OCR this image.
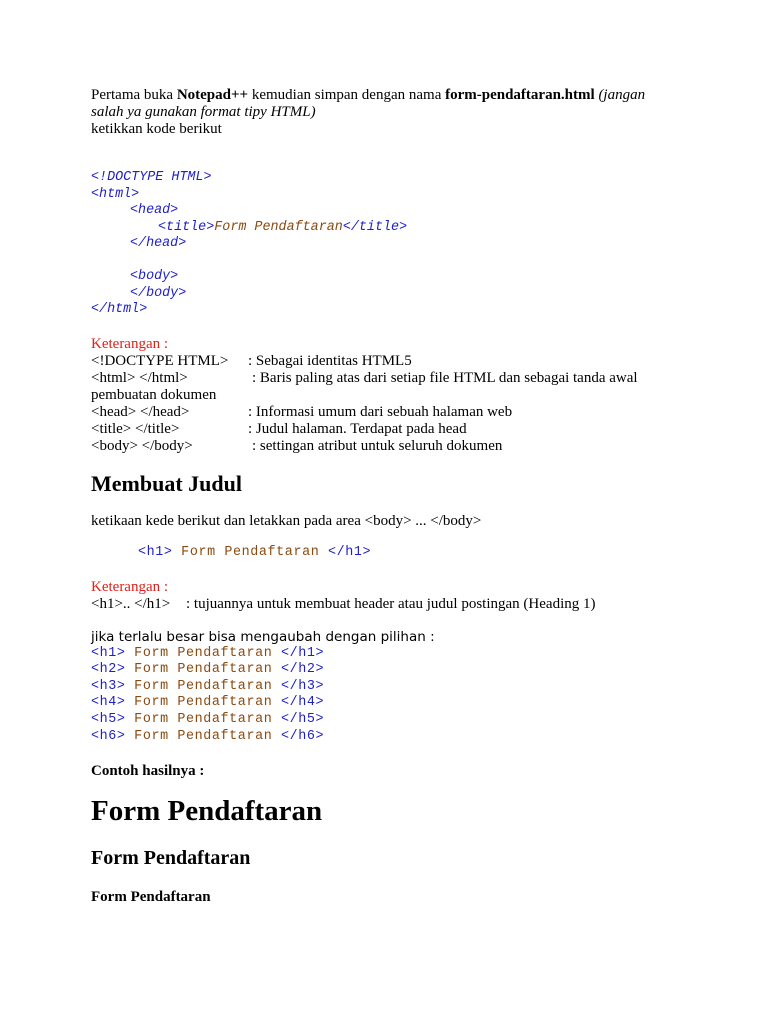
Pertama buka Notepad++ kemudian simpan dengan nama form-pendaftaran.html (jangan
salah ya gunakan format tipy HTML)
ketikkan kode berikut
<!DOCTYPE HTML>
<html>
<head>
<title>Form Pendaftaran</title>
</head>
<body>
</body>
</html>
Keterangan :
<!DOCTYPE HTML> : Sebagai identitas HTML5
<html> </html>	: Baris paling atas dari setiap file HTML dan sebagai tanda awal
pembuatan dokumen
<head> </head>	: Informasi umum dari sebuah halaman web
<title> </title>	: Judul halaman. Terdapat pada head
<body> </body>	: settingan atribut untuk seluruh dokumen
Membuat Judul
ketikaan kede berikut dan letakkan pada area <body> ... </body>
<h1> Form Pendaftaran </h1>
Keterangan :
<h1>.. </h1> : tujuannya untuk membuat header atau judul postingan (Heading 1)
jika terlalu besar bisa mengaubah dengan pilihan :
<h1> Form Pendaftaran </h1>
<h2> Form Pendaftaran </h2>
<h3> Form Pendaftaran </h3>
<h4> Form Pendaftaran </h4>
<h5> Form Pendaftaran </h5>
<h6> Form Pendaftaran </h6>
Contoh hasilnya :
Form Pendaftaran
Form Pendaftaran
Form Pendaftaran
